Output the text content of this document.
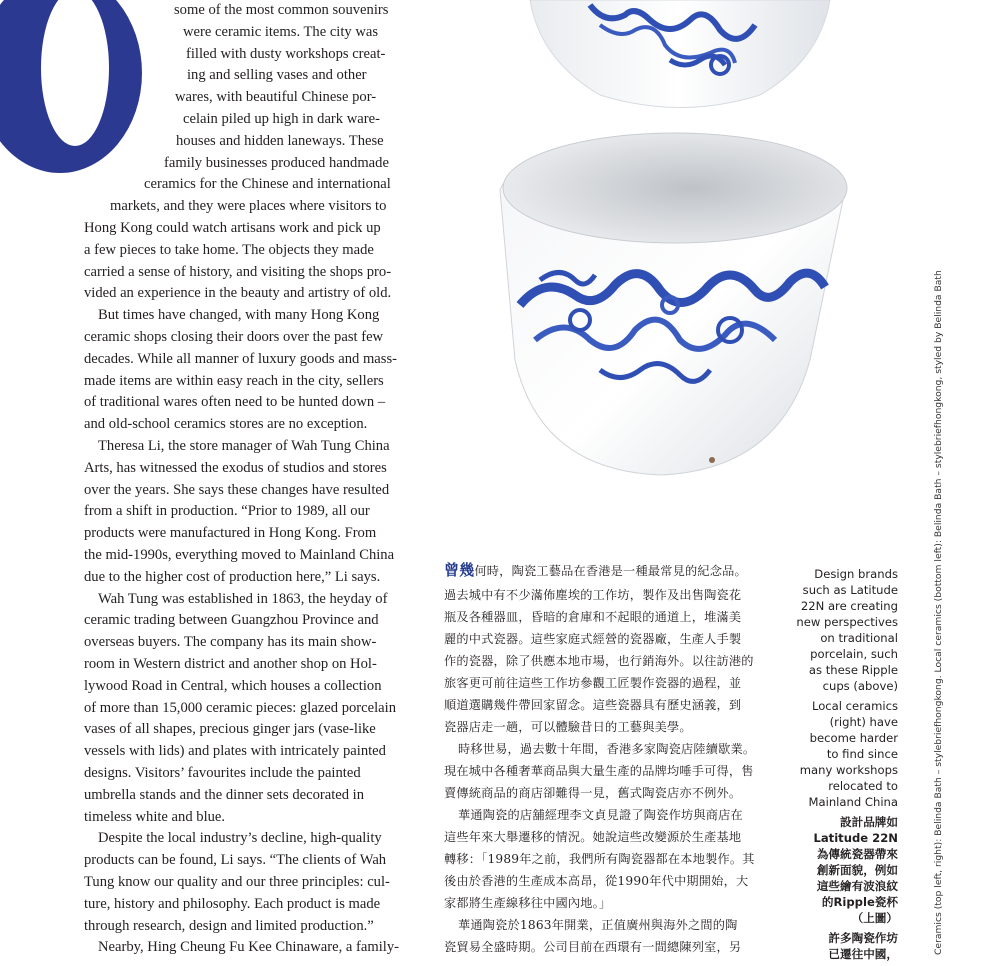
some of the most common souvenirs
were ceramic items. The city was
filled with dusty workshops creat-
ing and selling vases and other
wares, with beautiful Chinese por-
celain piled up high in dark ware-
houses and hidden laneways. These
family businesses produced handmade
ceramics for the Chinese and international
markets, and they were places where visitors to
Hong Kong could watch artisans work and pick up
a few pieces to take home. The objects they made
carried a sense of history, and visiting the shops pro-
vided an experience in the beauty and artistry of old.
But times have changed, with many Hong Kong
ceramic shops closing their doors over the past few
decades. While all manner of luxury goods and mass-
made items are within easy reach in the city, sellers
of traditional wares often need to be hunted down –
and old-school ceramics stores are no exception.
Theresa Li, the store manager of Wah Tung China
Arts, has witnessed the exodus of studios and stores
over the years. She says these changes have resulted
from a shift in production. “Prior to 1989, all our
products were manufactured in Hong Kong. From
the mid-1990s, everything moved to Mainland China
due to the higher cost of production here,” Li says.
Wah Tung was established in 1863, the heyday of
ceramic trading between Guangzhou Province and
overseas buyers. The company has its main show-
room in Western district and another shop on Hol-
lywood Road in Central, which houses a collection
of more than 15,000 ceramic pieces: glazed porcelain
vases of all shapes, precious ginger jars (vase-like
vessels with lids) and plates with intricately painted
designs. Visitors’ favourites include the painted
umbrella stands and the dinner sets decorated in
timeless white and blue.
Despite the local industry’s decline, high-quality
products can be found, Li says. “The clients of Wah
Tung know our quality and our three principles: cul-
ture, history and philosophy. Each product is made
through research, design and limited production.”
Nearby, Hing Cheung Fu Kee Chinaware, a family-
曾幾何時，陶瓷工藝品在香港是一種最常見的紀念品。
過去城中有不少滿佈塵埃的工作坊，製作及出售陶瓷花
瓶及各種器皿，昏暗的倉庫和不起眼的通道上，堆滿美
麗的中式瓷器。這些家庭式經營的瓷器廠，生產人手製
作的瓷器，除了供應本地市場，也行銷海外。以往訪港的
旅客更可前往這些工作坊參觀工匠製作瓷器的過程，並
順道選購幾件帶回家留念。這些瓷器具有歷史涵義，到
瓷器店走一趟，可以體驗昔日的工藝與美學。
時移世易，過去數十年間，香港多家陶瓷店陸續歇業。
現在城中各種奢華商品與大量生產的品牌均唾手可得，售
賣傳統商品的商店卻難得一見，舊式陶瓷店亦不例外。
華通陶瓷的店舖經理李文貞見證了陶瓷作坊與商店在
這些年來大舉遷移的情況。她說這些改變源於生產基地
轉移：「1989年之前，我們所有陶瓷器都在本地製作。其
後由於香港的生產成本高昂，從1990年代中期開始，大
家都將生產線移往中國內地。」
華通陶瓷於1863年開業，正值廣州與海外之間的陶
瓷貿易全盛時期。公司目前在西環有一間總陳列室，另
Design brands
such as Latitude
22N are creating
new perspectives
on traditional
porcelain, such
as these Ripple
cups (above)
Local ceramics
(right) have
become harder
to find since
many workshops
relocated to
Mainland China
設計品牌如
Latitude 22N
為傳統瓷器帶來
創新面貌，例如
這些繪有波浪紋
的Ripple瓷杯
（上圖）
許多陶瓷作坊
已遷往中國，	Ceramics (top left, right): Belinda Bath – stylebriefhongkong. Local ceramics (bottom left): Belinda Bath – stylebriefhongkong, styled by Belinda Bath
